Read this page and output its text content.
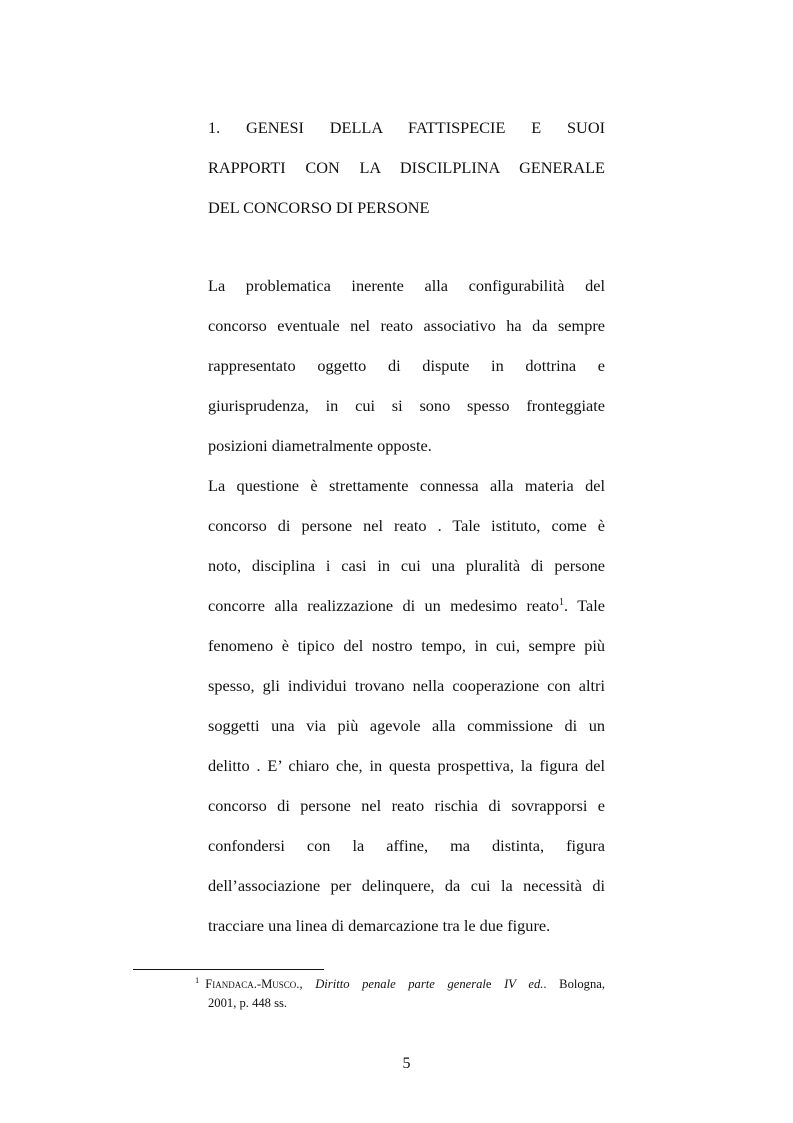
1. GENESI DELLA FATTISPECIE E SUOI
RAPPORTI CON LA DISCILPLINA GENERALE
DEL CONCORSO DI PERSONE
La problematica inerente alla configurabilità del
concorso eventuale nel reato associativo ha da sempre
rappresentato oggetto di dispute in dottrina e
giurisprudenza, in cui si sono spesso fronteggiate
posizioni diametralmente opposte.
La questione è strettamente connessa alla materia del
concorso di persone nel reato . Tale istituto, come è
noto, disciplina i casi in cui una pluralità di persone
concorre alla realizzazione di un medesimo reato$^1$. Tale
fenomeno è tipico del nostro tempo, in cui, sempre più
spesso, gli individui trovano nella cooperazione con altri
soggetti una via più agevole alla commissione di un
delitto . E’ chiaro che, in questa prospettiva, la figura del
concorso di persone nel reato rischia di sovrapporsi e
confondersi con la affine, ma distinta, figura
dell’associazione per delinquere, da cui la necessità di
tracciare una linea di demarcazione tra le due figure.
$^1$ Fiandaca.-Musco., Diritto penale parte generale IV ed.. Bologna,
2001, p. 448 ss.
5
